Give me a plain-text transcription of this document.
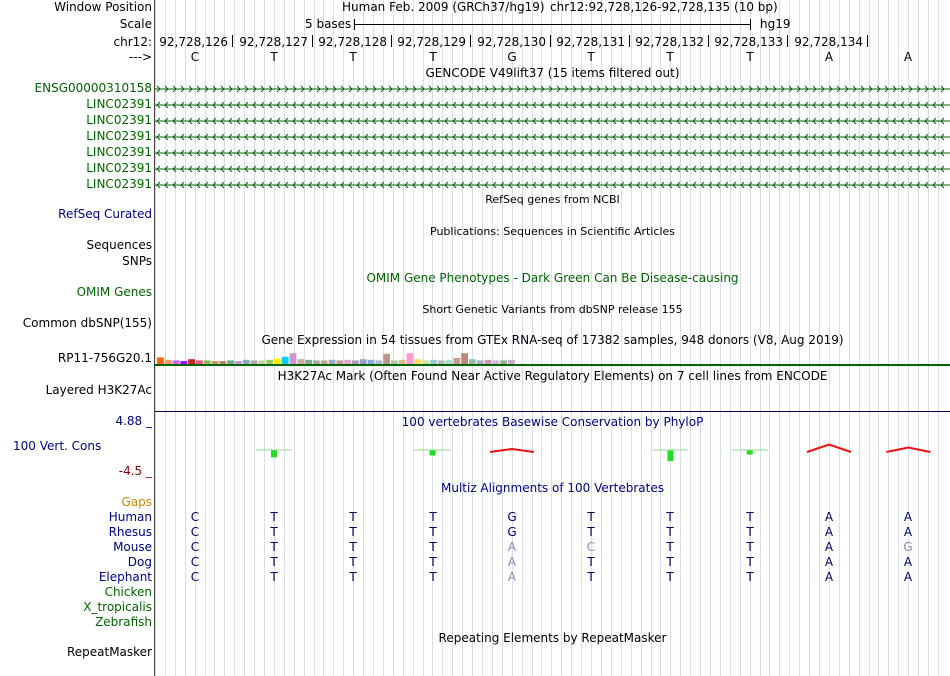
Window Position	Human Feb. 2009 (GRCh37/hg19) chr12:92,728,126-92,728,135 (10 bp)
Scale	5 bases	hg19
chr12: 92,728,126 92,728,127 92,728,128 92,728,129 92,728,130 92,728,131 92,728,132 92,728,133 92,728,134
--->	C	T	T	T	G	T	T	T	A	A
GENCODE V49lift37 (15 items filtered out)
ENSG00000310158
LINC02391
LINC02391
LINC02391
LINC02391
LINC02391
LINC02391
RefSeq genes from NCBI
RefSeq Curated
Publications: Sequences in Scientific Articles
Sequences
SNPs
OMIM Gene Phenotypes - Dark Green Can Be Disease-causing
OMIM Genes
Short Genetic Variants from dbSNP release 155
Common dbSNP(155)
Gene Expression in 54 tissues from GTEx RNA-seq of 17382 samples, 948 donors (V8, Aug 2019)
RP11-756G20.1
H3K27Ac Mark (Often Found Near Active Regulatory Elements) on 7 cell lines from ENCODE
Layered H3K27Ac
100 vertebrates Basewise Conservation by PhyloP
4.88 _
100 Vert. Cons
-4.5 _
Multiz Alignments of 100 Vertebrates
Gaps
Human	C	T	T	T	G	T	T	T	A	A
Rhesus	C	T	T	T	G	T	T	T	A	A
Mouse	C	T	T	T	A	C	T	T	A	G
Dog	C	T	T	T	A	T	T	T	A	A
Elephant	C	T	T	T	A	T	T	T	A	A
Chicken
X_tropicalis
Zebrafish
Repeating Elements by RepeatMasker
RepeatMasker
